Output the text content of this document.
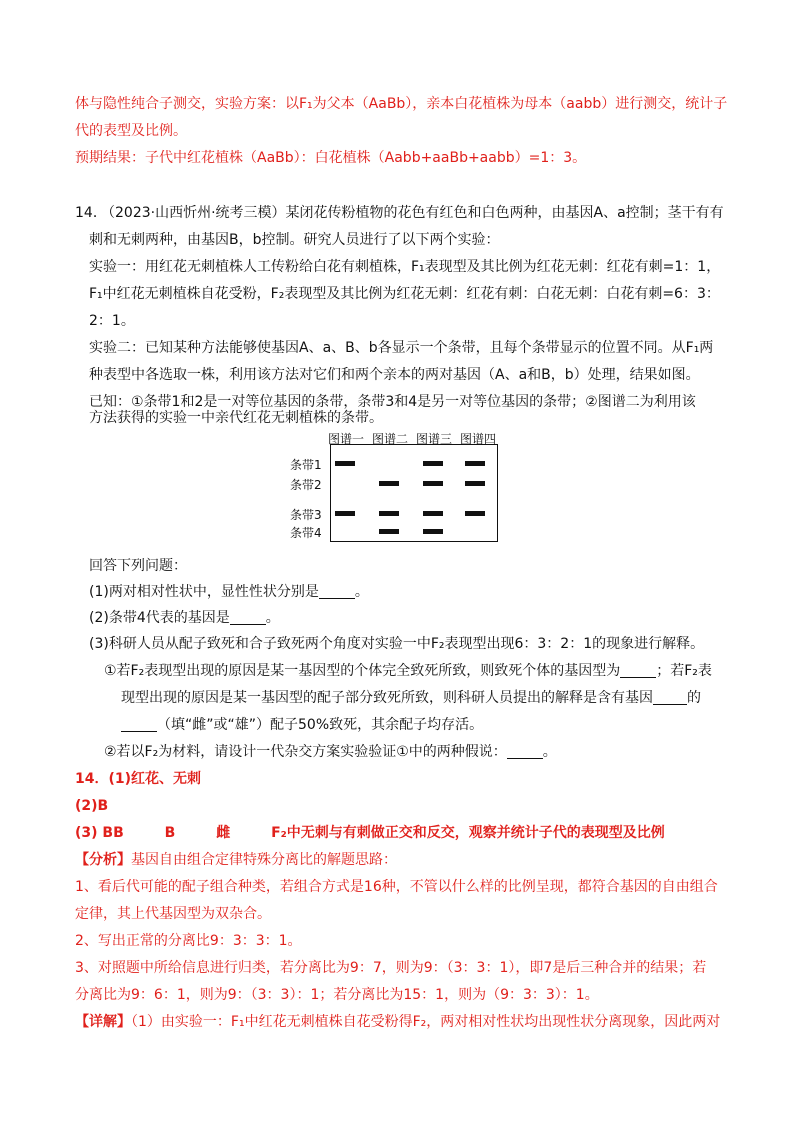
体与隐性纯合子测交，实验方案：以F₁为父本（AaBb），亲本白花植株为母本（aabb）进行测交，统计子
代的表型及比例。
预期结果：子代中红花植株（AaBb）：白花植株（Aabb+aaBb+aabb）=1：3。
14．
（2023·山西忻州·统考三模）某闭花传粉植物的花色有红色和白色两种，由基因A、a控制；茎干有有
刺和无刺两种，由基因B，b控制。研究人员进行了以下两个实验：
实验一：用红花无刺植株人工传粉给白花有刺植株，F₁表现型及其比例为红花无刺：红花有刺=1：1，
F₁中红花无刺植株自花受粉，F₂表现型及其比例为红花无刺：红花有刺：白花无刺：白花有刺=6：3：
2：1。
实验二：已知某种方法能够使基因A、a、B、b各显示一个条带，且每个条带显示的位置不同。从F₁两
种表型中各选取一株，利用该方法对它们和两个亲本的两对基因（A、a和B，b）处理，结果如图。
已知：①条带1和2是一对等位基因的条带，条带3和4是另一对等位基因的条带；②图谱二为利用该
方法获得的实验一中亲代红花无刺植株的条带。
图谱一 图谱二 图谱三 图谱四
条带1
条带2
条带3
条带4
回答下列问题：
(1)两对相对性状中，显性性状分别是	。
(2)条带4代表的基因是	。
(3)科研人员从配子致死和合子致死两个角度对实验一中F₂表现型出现6：3：2：1的现象进行解释。
①若F₂表现型出现的原因是某一基因型的个体完全致死所致，则致死个体的基因型为	；若F₂表
现型出现的原因是某一基因型的配子部分致死所致，则科研人员提出的解释是含有基因 的
（填“雌”或“雄”）配子50%致死，其余配子均存活。
②若以F₂为材料，请设计一代杂交方案实验验证①中的两种假说：	。
14．(1)红花、无刺
(2)B
(3) BB	B	雌	F₂中无刺与有刺做正交和反交，观察并统计子代的表现型及比例
【分析】基因自由组合定律特殊分离比的解题思路：
1、看后代可能的配子组合种类，若组合方式是16种，不管以什么样的比例呈现，都符合基因的自由组合
定律，其上代基因型为双杂合。
2、写出正常的分离比9：3：3：1。
3、对照题中所给信息进行归类，若分离比为9：7，则为9：（3：3：1），即7是后三种合并的结果；若
分离比为9：6：1，则为9：（3：3）：1；若分离比为15：1，则为（9：3：3）：1。
【详解】（1）由实验一：F₁中红花无刺植株自花受粉得F₂，两对相对性状均出现性状分离现象，因此两对
